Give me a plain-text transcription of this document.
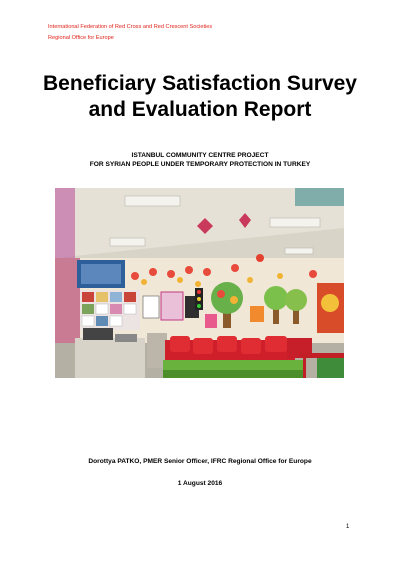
International Federation of Red Cross and Red Crescent Societies
Regional Office for Europe
Beneficiary Satisfaction Survey
and Evaluation Report
ISTANBUL COMMUNITY CENTRE PROJECT
FOR SYRIAN PEOPLE UNDER TEMPORARY PROTECTION IN TURKEY
Dorottya PATKO, PMER Senior Officer, IFRC Regional Office for Europe
1 August 2016
1
